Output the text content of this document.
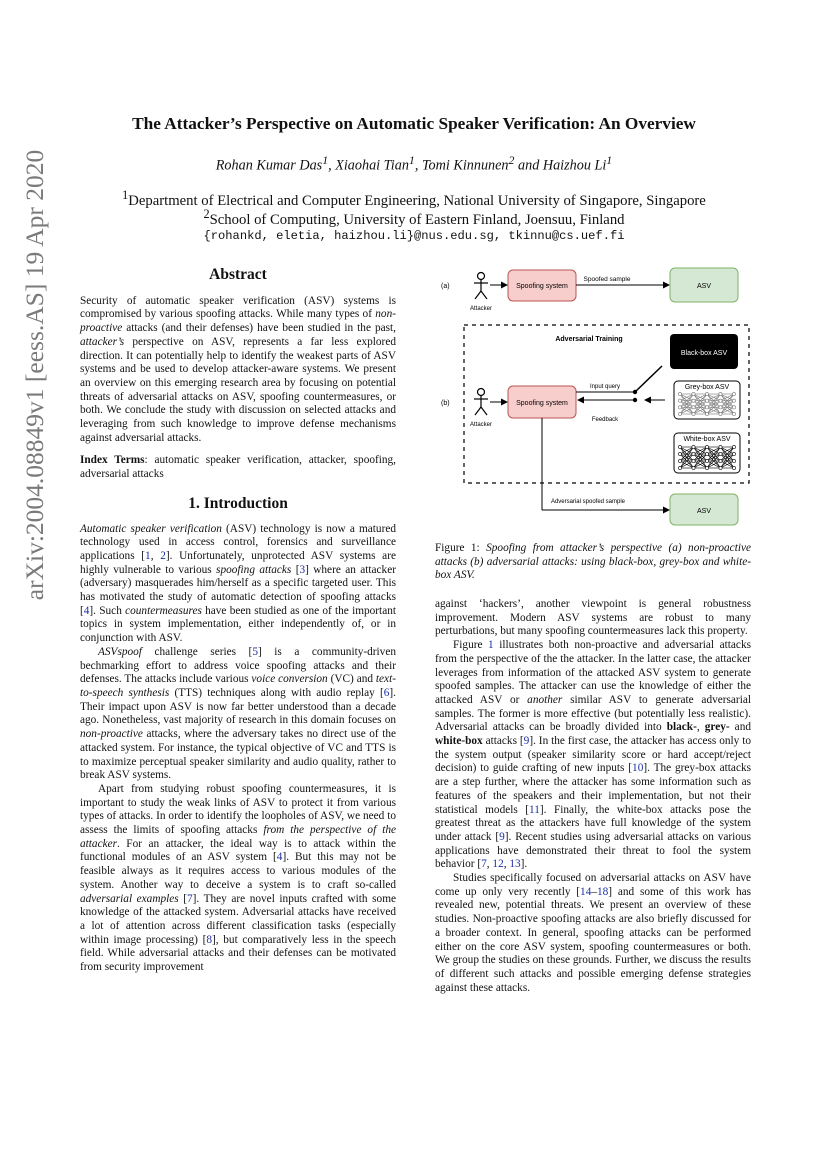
The Attacker’s Perspective on Automatic Speaker Verification: An Overview
Rohan Kumar Das$^1$, Xiaohai Tian$^1$, Tomi Kinnunen$^2$ and Haizhou Li$^1$
$^1$Department of Electrical and Computer Engineering, National University of Singapore, Singapore
$^2$School of Computing, University of Eastern Finland, Joensuu, Finland
{rohankd, eletia, haizhou.li}@nus.edu.sg, tkinnu@cs.uef.fi
arXiv:2004.08849v1 [eess.AS] 19 Apr 2020	Abstract

Security of automatic speaker verification (ASV) systems is compromised by various spoofing attacks. While many types of non-proactive attacks (and their defenses) have been studied in the past, attacker’s perspective on ASV, represents a far less explored direction. It can potentially help to identify the weakest parts of ASV systems and be used to develop attacker-aware systems. We present an overview on this emerging research area by focusing on potential threats of adversarial attacks on ASV, spoofing countermeasures, or both. We conclude the study with discussion on selected attacks and leveraging from such knowledge to improve defense mechanisms against adversarial attacks.

Index Terms: automatic speaker verification, attacker, spoofing, adversarial attacks

1. Introduction

Automatic speaker verification (ASV) technology is now a matured technology used in access control, forensics and surveillance applications [1, 2]. Unfortunately, unprotected ASV systems are highly vulnerable to various spoofing attacks [3] where an attacker (adversary) masquerades him/herself as a specific targeted user. This has motivated the study of automatic detection of spoofing attacks [4]. Such countermeasures have been studied as one of the important topics in system implementation, either independently of, or in conjunction with ASV.

ASVspoof challenge series [5] is a community-driven bechmarking effort to address voice spoofing attacks and their defenses. The attacks include various voice conversion (VC) and text-to-speech synthesis (TTS) techniques along with audio replay [6]. Their impact upon ASV is now far better understood than a decade ago. Nonetheless, vast majority of research in this domain focuses on non-proactive attacks, where the adversary takes no direct use of the attacked system. For instance, the typical objective of VC and TTS is to maximize perceptual speaker similarity and audio quality, rather to break ASV systems.

Apart from studying robust spoofing countermeasures, it is important to study the weak links of ASV to protect it from various types of attacks. In order to identify the loopholes of ASV, we need to assess the limits of spoofing attacks from the perspective of the attacker. For an attacker, the ideal way is to attack within the functional modules of an ASV system [4]. But this may not be feasible always as it requires access to various modules of the system. Another way to deceive a system is to craft so-called adversarial examples [7]. They are novel inputs crafted with some knowledge of the attacked system. Adversarial attacks have received a lot of attention across different classification tasks (especially within image processing) [8], but comparatively less in the speech field. While adversarial attacks and their defenses can be motivated from security improvement

(a)
Attacker
Spoofing system
Spoofed sample
ASV
Adversarial Training
(b)
Attacker
Spoofing system
Input query
Feedback
Black-box ASV
Grey-box ASV
White-box ASV
Adversarial spoofed sample
ASV
Figure 1: Spoofing from attacker’s perspective (a) non-proactive attacks (b) adversarial attacks: using black-box, grey-box and white-box ASV.

against ‘hackers’, another viewpoint is general robustness improvement. Modern ASV systems are robust to many perturbations, but many spoofing countermeasures lack this property.

Figure 1 illustrates both non-proactive and adversarial attacks from the perspective of the the attacker. In the latter case, the attacker leverages from information of the attacked ASV system to generate spoofed samples. The attacker can use the knowledge of either the attacked ASV or another similar ASV to generate adversarial samples. The former is more effective (but potentially less realistic). Adversarial attacks can be broadly divided into black-, grey- and white-box attacks [9]. In the first case, the attacker has access only to the system output (speaker similarity score or hard accept/reject decision) to guide crafting of new inputs [10]. The grey-box attacks are a step further, where the attacker has some information such as features of the speakers and their implementation, but not their statistical models [11]. Finally, the white-box attacks pose the greatest threat as the attackers have full knowledge of the system under attack [9]. Recent studies using adversarial attacks on various applications have demonstrated their threat to fool the system behavior [7, 12, 13].

Studies specifically focused on adversarial attacks on ASV have come up only very recently [14–18] and some of this work has revealed new, potential threats. We present an overview of these studies. Non-proactive spoofing attacks are also briefly discussed for a broader context. In general, spoofing attacks can be performed either on the core ASV system, spoofing countermeasures or both. We group the studies on these grounds. Further, we discuss the results of different such attacks and possible emerging defense strategies against these attacks.
